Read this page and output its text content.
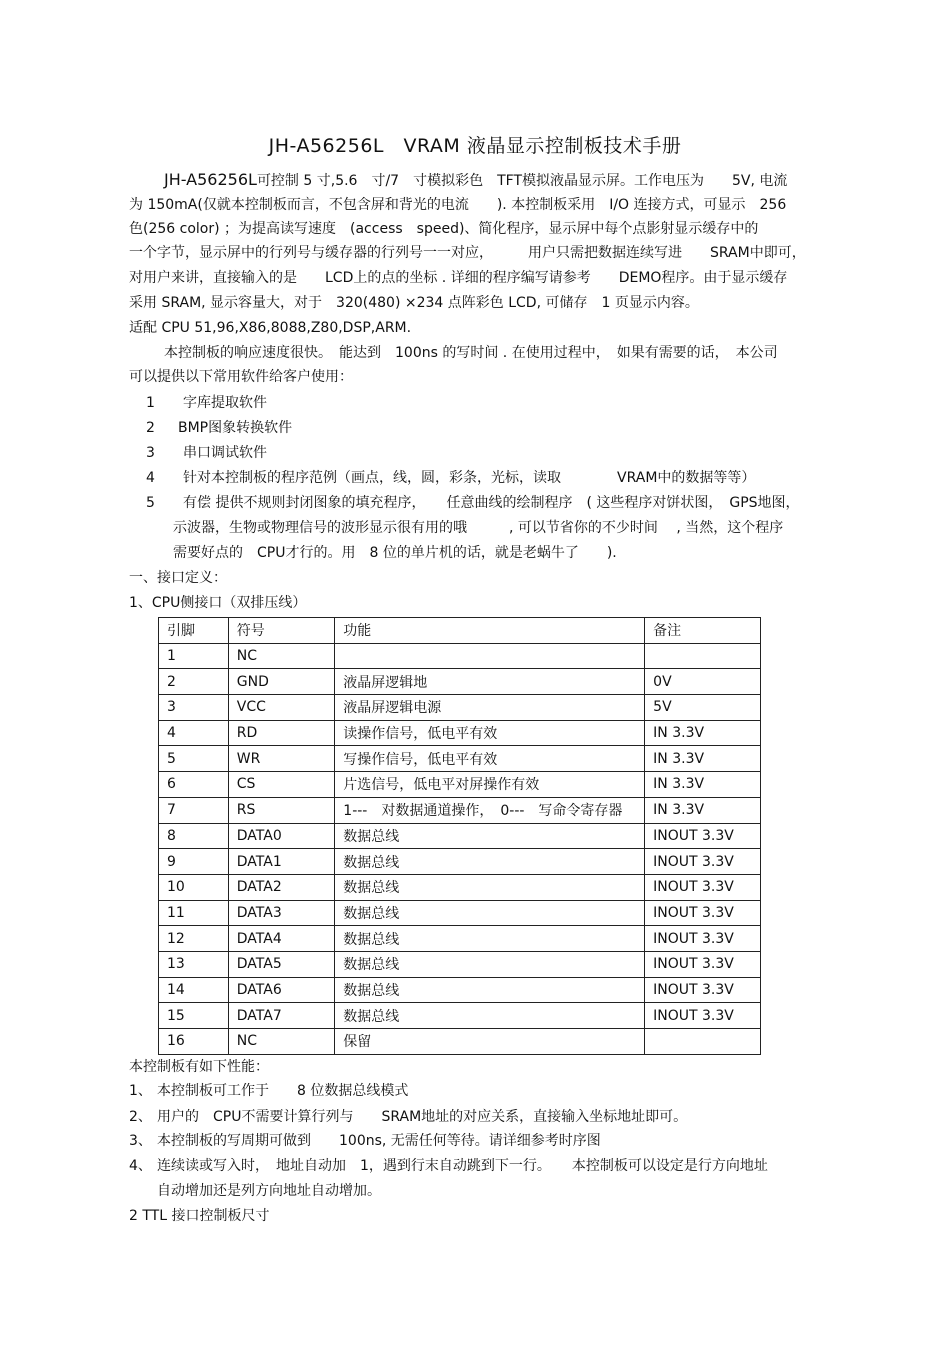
JH-A56256L　VRAM 液晶显示控制板技术手册
JH-A56256L可控制 5 寸,5.6　寸/7　寸模拟彩色　TFT模拟液晶显示屏。工作电压为　　5V, 电流
为 150mA(仅就本控制板而言，不包含屏和背光的电流　　). 本控制板采用　I/O 连接方式，可显示　256
色(256 color) ；为提高读写速度　(access　speed)、简化程序，显示屏中每个点影射显示缓存中的
一个字节，显示屏中的行列号与缓存器的行列号一一对应，　　　用户只需把数据连续写进　　SRAM中即可，
对用户来讲，直接输入的是　　LCD上的点的坐标 . 详细的程序编写请参考　　DEMO程序。由于显示缓存
采用 SRAM, 显示容量大，对于　320(480) ×234 点阵彩色 LCD, 可储存　1 页显示内容。
适配 CPU 51,96,X86,8088,Z80,DSP,ARM.
本控制板的响应速度很快。　能达到　100ns 的写时间 . 在使用过程中，　如果有需要的话，　本公司
可以提供以下常用软件给客户使用：
1 字库提取软件
2 BMP图象转换软件
3 串口调试软件
4 针对本控制板的程序范例（画点，线，圆，彩条，光标，读取　　　　VRAM中的数据等等）
5 有偿 提供不规则封闭图象的填充程序，　　任意曲线的绘制程序　( 这些程序对饼状图，　GPS地图，
示波器，生物或物理信号的波形显示很有用的哦　　　, 可以节省你的不少时间　 , 当然，这个程序
需要好点的　CPU才行的。用　8 位的单片机的话，就是老蜗牛了　　).
一、接口定义：
1、CPU侧接口（双排压线）
引脚	符号	功能	备注
1	NC		
2	GND	液晶屏逻辑地	0V
3	VCC	液晶屏逻辑电源	5V
4	RD	读操作信号，低电平有效	IN 3.3V
5	WR	写操作信号，低电平有效	IN 3.3V
6	CS	片选信号，低电平对屏操作有效	IN 3.3V
7	RS	1---　对数据通道操作，　0---　写命令寄存器	IN 3.3V
8	DATA0	数据总线	INOUT 3.3V
9	DATA1	数据总线	INOUT 3.3V
10	DATA2	数据总线	INOUT 3.3V
11	DATA3	数据总线	INOUT 3.3V
12	DATA4	数据总线	INOUT 3.3V
13	DATA5	数据总线	INOUT 3.3V
14	DATA6	数据总线	INOUT 3.3V
15	DATA7	数据总线	INOUT 3.3V
16	NC	保留	
本控制板有如下性能：
1、 本控制板可工作于　　8 位数据总线模式
2、 用户的　CPU不需要计算行列与　　SRAM地址的对应关系，直接输入坐标地址即可。
3、 本控制板的写周期可做到　　100ns, 无需任何等待。请详细参考时序图
4、 连续读或写入时，　地址自动加　1，遇到行末自动跳到下一行。　　本控制板可以设定是行方向地址
自动增加还是列方向地址自动增加。
2 TTL 接口控制板尺寸
